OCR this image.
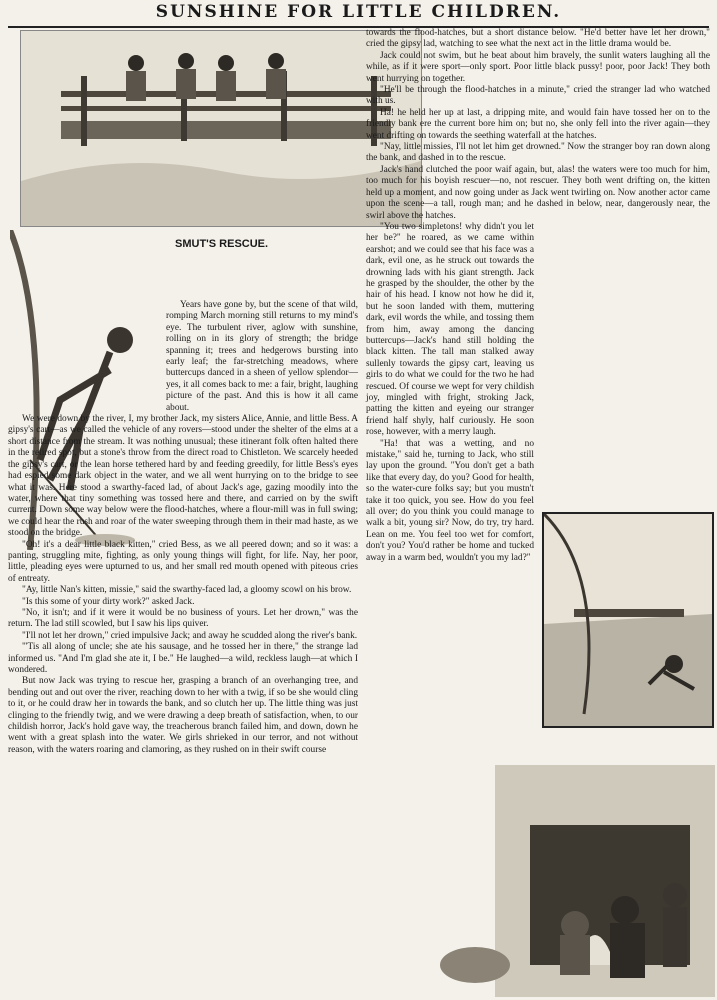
SUNSHINE FOR LITTLE CHILDREN.
SMUT'S RESCUE.

Years have gone by, but the scene of that wild, romping March morning still returns to my mind's eye. The turbulent river, aglow with sunshine, rolling on in its glory of strength; the bridge spanning it; trees and hedgerows bursting into early leaf; the far-stretching meadows, where buttercups danced in a sheen of yellow splendor—yes, it all comes back to me: a fair, bright, laughing picture of the past. And this is how it all came about.

We were down by the river, I, my brother Jack, my sisters Alice, Annie, and little Bess. A gipsy's cart—as we called the vehicle of any rovers—stood under the shelter of the elms at a short distance from the stream. It was nothing unusual; these itinerant folk often halted there in the retired spot, but a stone's throw from the direct road to Chistleton. We scarcely heeded the gipsy's cart, or the lean horse tethered hard by and feeding greedily, for little Bess's eyes had espied some dark object in the water, and we all went hurrying on to the bridge to see what it was. Here stood a swarthy-faced lad, of about Jack's age, gazing moodily into the water, where that tiny something was tossed here and there, and carried on by the swift current. Down some way below were the flood-hatches, where a flour-mill was in full swing; we could hear the rush and roar of the water sweeping through them in their mad haste, as we stood on the bridge.

"Oh! it's a dear little black kitten," cried Bess, as we all peered down; and so it was: a panting, struggling mite, fighting, as only young things will fight, for life. Nay, her poor, little, pleading eyes were upturned to us, and her small red mouth opened with piteous cries of entreaty.

"Ay, little Nan's kitten, missie," said the swarthy-faced lad, a gloomy scowl on his brow.

"Is this some of your dirty work?" asked Jack.

"No, it isn't; and if it were it would be no business of yours. Let her drown," was the return. The lad still scowled, but I saw his lips quiver.

"I'll not let her drown," cried impulsive Jack; and away he scudded along the river's bank.

"'Tis all along of uncle; she ate his sausage, and he tossed her in there," the strange lad informed us. "And I'm glad she ate it, I be." He laughed—a wild, reckless laugh—at which I wondered.

But now Jack was trying to rescue her, grasping a branch of an overhanging tree, and bending out and out over the river, reaching down to her with a twig, if so be she would cling to it, or he could draw her in towards the bank, and so clutch her up. The little thing was just clinging to the friendly twig, and we were drawing a deep breath of satisfaction, when, to our childish horror, Jack's hold gave way, the treacherous branch failed him, and down, down he went with a great splash into the water. We girls shrieked in our terror, and not without reason, with the waters roaring and clamoring, as they rushed on in their swift course

towards the flood-hatches, but a short distance below. "He'd better have let her drown," cried the gipsy lad, watching to see what the next act in the little drama would be.

Jack could not swim, but he beat about him bravely, the sunlit waters laughing all the while, as if it were sport—only sport. Poor little black pussy! poor, poor Jack! They both went hurrying on together.

"He'll be through the flood-hatches in a minute," cried the stranger lad who watched with us.

Ha! he held her up at last, a dripping mite, and would fain have tossed her on to the friendly bank ere the current bore him on; but no, she only fell into the river again—they went drifting on towards the seething waterfall at the hatches.

"Nay, little missies, I'll not let him get drowned." Now the stranger boy ran down along the bank, and dashed in to the rescue.

Jack's hand clutched the poor waif again, but, alas! the waters were too much for him, too much for his boyish rescuer—no, not rescuer. They both went drifting on, the kitten held up a moment, and now going under as Jack went twirling on. Now another actor came upon the scene—a tall, rough man; and he dashed in below, near, dangerously near, the swirl above the hatches.

"You two simpletons! why didn't you let her be?" he roared, as we came within earshot; and we could see that his face was a dark, evil one, as he struck out towards the drowning lads with his giant strength. Jack he grasped by the shoulder, the other by the hair of his head. I know not how he did it, but he soon landed with them, muttering dark, evil words the while, and tossing them from him, away among the dancing buttercups—Jack's hand still holding the black kitten. The tall man stalked away sullenly towards the gipsy cart, leaving us girls to do what we could for the two he had rescued. Of course we wept for very childish joy, mingled with fright, stroking Jack, patting the kitten and eyeing our stranger friend half shyly, half curiously. He soon rose, however, with a merry laugh.

"Ha! that was a wetting, and no mistake," said he, turning to Jack, who still lay upon the ground. "You don't get a bath like that every day, do you? Good for health, so the water-cure folks say; but you mustn't take it too quick, you see. How do you feel all over; do you think you could manage to walk a bit, young sir? Now, do try, try hard. Lean on me. You feel too wet for comfort, don't you? You'd rather be home and tucked away in a warm bed, wouldn't you my lad?"
